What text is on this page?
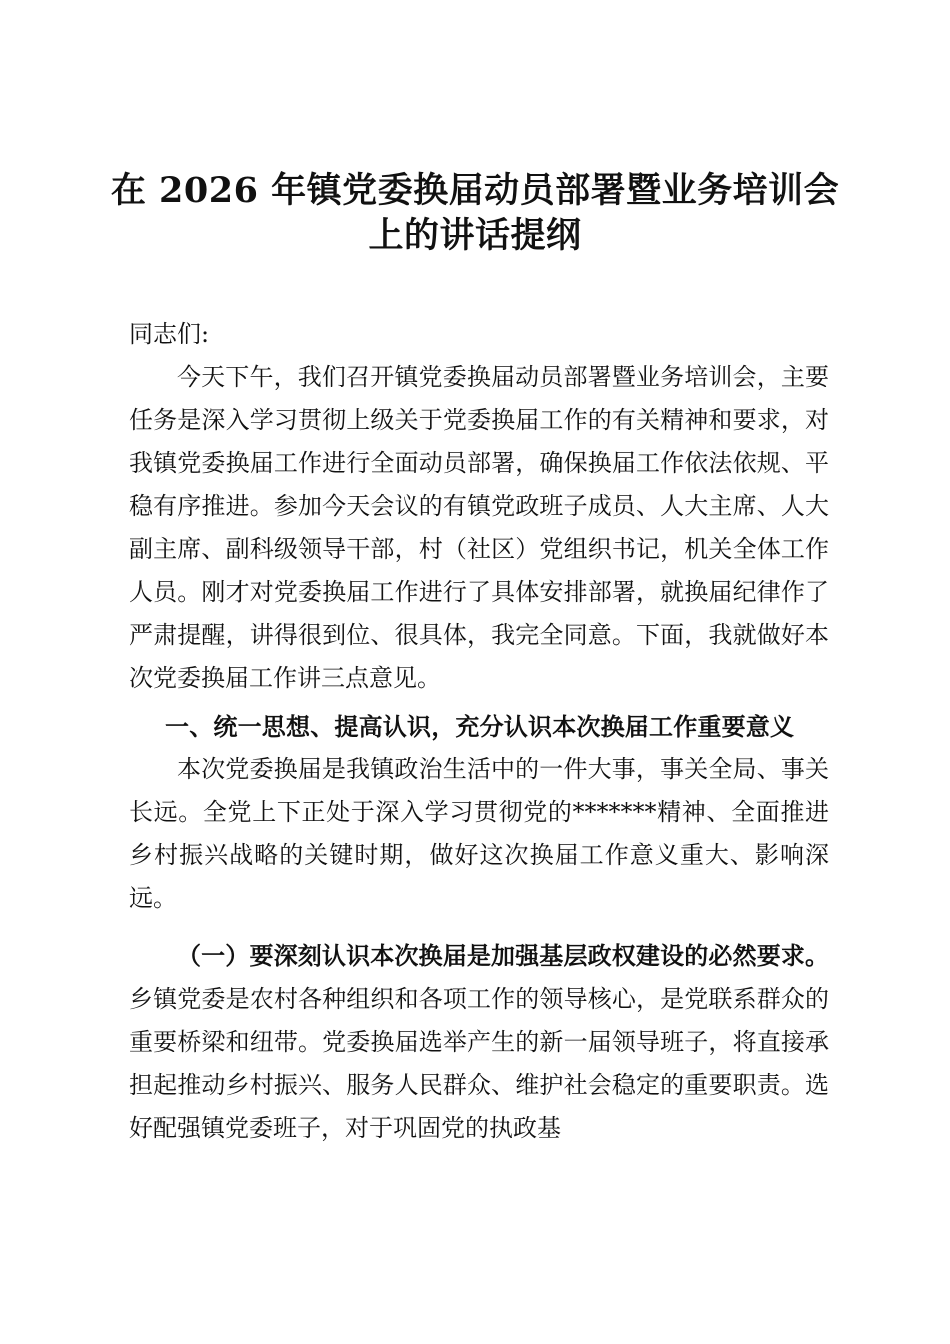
在 2026 年镇党委换届动员部署暨业务培训会
上的讲话提纲

同志们:

今天下午，我们召开镇党委换届动员部署暨业务培训会，主要任务是深入学习贯彻上级关于党委换届工作的有关精神和要求，对我镇党委换届工作进行全面动员部署，确保换届工作依法依规、平稳有序推进。参加今天会议的有镇党政班子成员、人大主席、人大副主席、副科级领导干部，村（社区）党组织书记，机关全体工作人员。刚才对党委换届工作进行了具体安排部署，就换届纪律作了严肃提醒，讲得很到位、很具体，我完全同意。下面，我就做好本次党委换届工作讲三点意见。

一、统一思想、提高认识，充分认识本次换届工作重要意义

本次党委换届是我镇政治生活中的一件大事，事关全局、事关长远。全党上下正处于深入学习贯彻党的*******精神、全面推进乡村振兴战略的关键时期，做好这次换届工作意义重大、影响深远。

（一）要深刻认识本次换届是加强基层政权建设的必然要求。乡镇党委是农村各种组织和各项工作的领导核心，是党联系群众的重要桥梁和纽带。党委换届选举产生的新一届领导班子，将直接承担起推动乡村振兴、服务人民群众、维护社会稳定的重要职责。选好配强镇党委班子，对于巩固党的执政基
